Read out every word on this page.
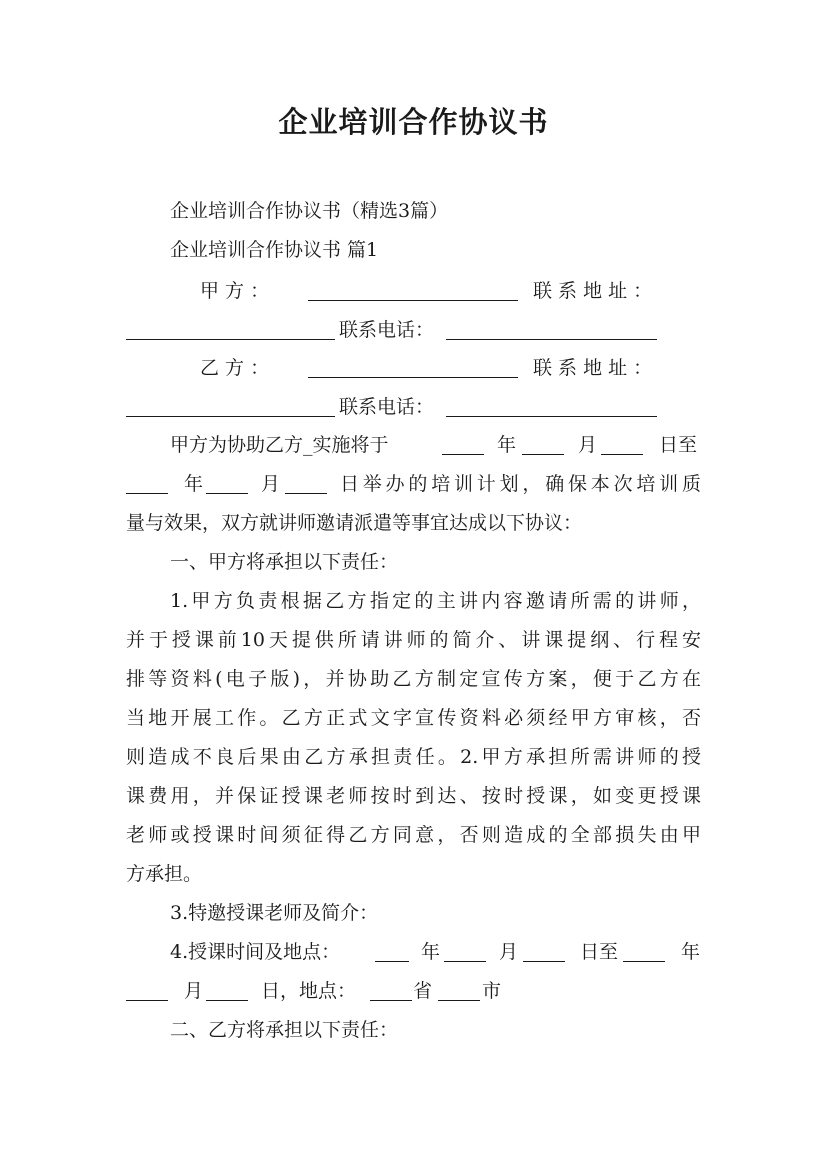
企业培训合作协议书
企业培训合作协议书（精选3篇）
企业培训合作协议书 篇1
甲 方 ：	联 系 地 址 ：
联系电话：
乙 方 ：	联 系 地 址 ：
联系电话：
甲方为协助乙方_实施将于	年	月	日至
年	月	日举办的培训计划，确保本次培训质
量与效果，双方就讲师邀请派遣等事宜达成以下协议：
一、甲方将承担以下责任：
1.甲方负责根据乙方指定的主讲内容邀请所需的讲师，
并于授课前10天提供所请讲师的简介、讲课提纲、行程安
排等资料(电子版)，并协助乙方制定宣传方案，便于乙方在
当地开展工作。乙方正式文字宣传资料必须经甲方审核，否
则造成不良后果由乙方承担责任。2.甲方承担所需讲师的授
课费用，并保证授课老师按时到达、按时授课，如变更授课
老师或授课时间须征得乙方同意，否则造成的全部损失由甲
方承担。
3.特邀授课老师及简介：
4.授课时间及地点：	年	月	日至	年
月	日，地点：	省	市
二、乙方将承担以下责任：
